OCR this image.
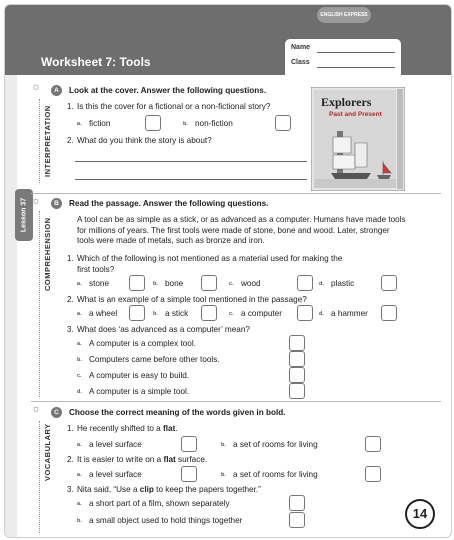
ENGLISH EXPRESS
Worksheet 7: Tools
Name
Class
Lesson 37
☼	A
INTERPRETATION
Look at the cover. Answer the following questions.
1. Is this the cover for a fictional or a non-fictional story?
a. fiction	b. non-fiction
2. What do you think the story is about?
Explorers
Past and Present
☼	B
COMPREHENSION
Read the passage. Answer the following questions.
A tool can be as simple as a stick, or as advanced as a computer. Humans have made tools for millions of years. The first tools were made of stone, bone and wood. Later, stronger tools were made of metals, such as bronze and iron.
1. Which of the following is not mentioned as a material used for making the
first tools?
a. stone	b. bone	c. wood	d. plastic
2. What is an example of a simple tool mentioned in the passage?
a. a wheel	b. a stick	c. a computer	d. a hammer
3. What does ‘as advanced as a computer’ mean?
a. A computer is a complex tool.
b. Computers came before other tools.
c. A computer is easy to build.
d. A computer is a simple tool.
☼	C
VOCABULARY
Choose the correct meaning of the words given in bold.
1. He recently shifted to a flat.
a. a level surface	b. a set of rooms for living
2. It is easier to write on a flat surface.
a. a level surface	b. a set of rooms for living
3. Nita said, “Use a clip to keep the papers together.”
a. a short part of a film, shown separately
b. a small object used to hold things together	14
